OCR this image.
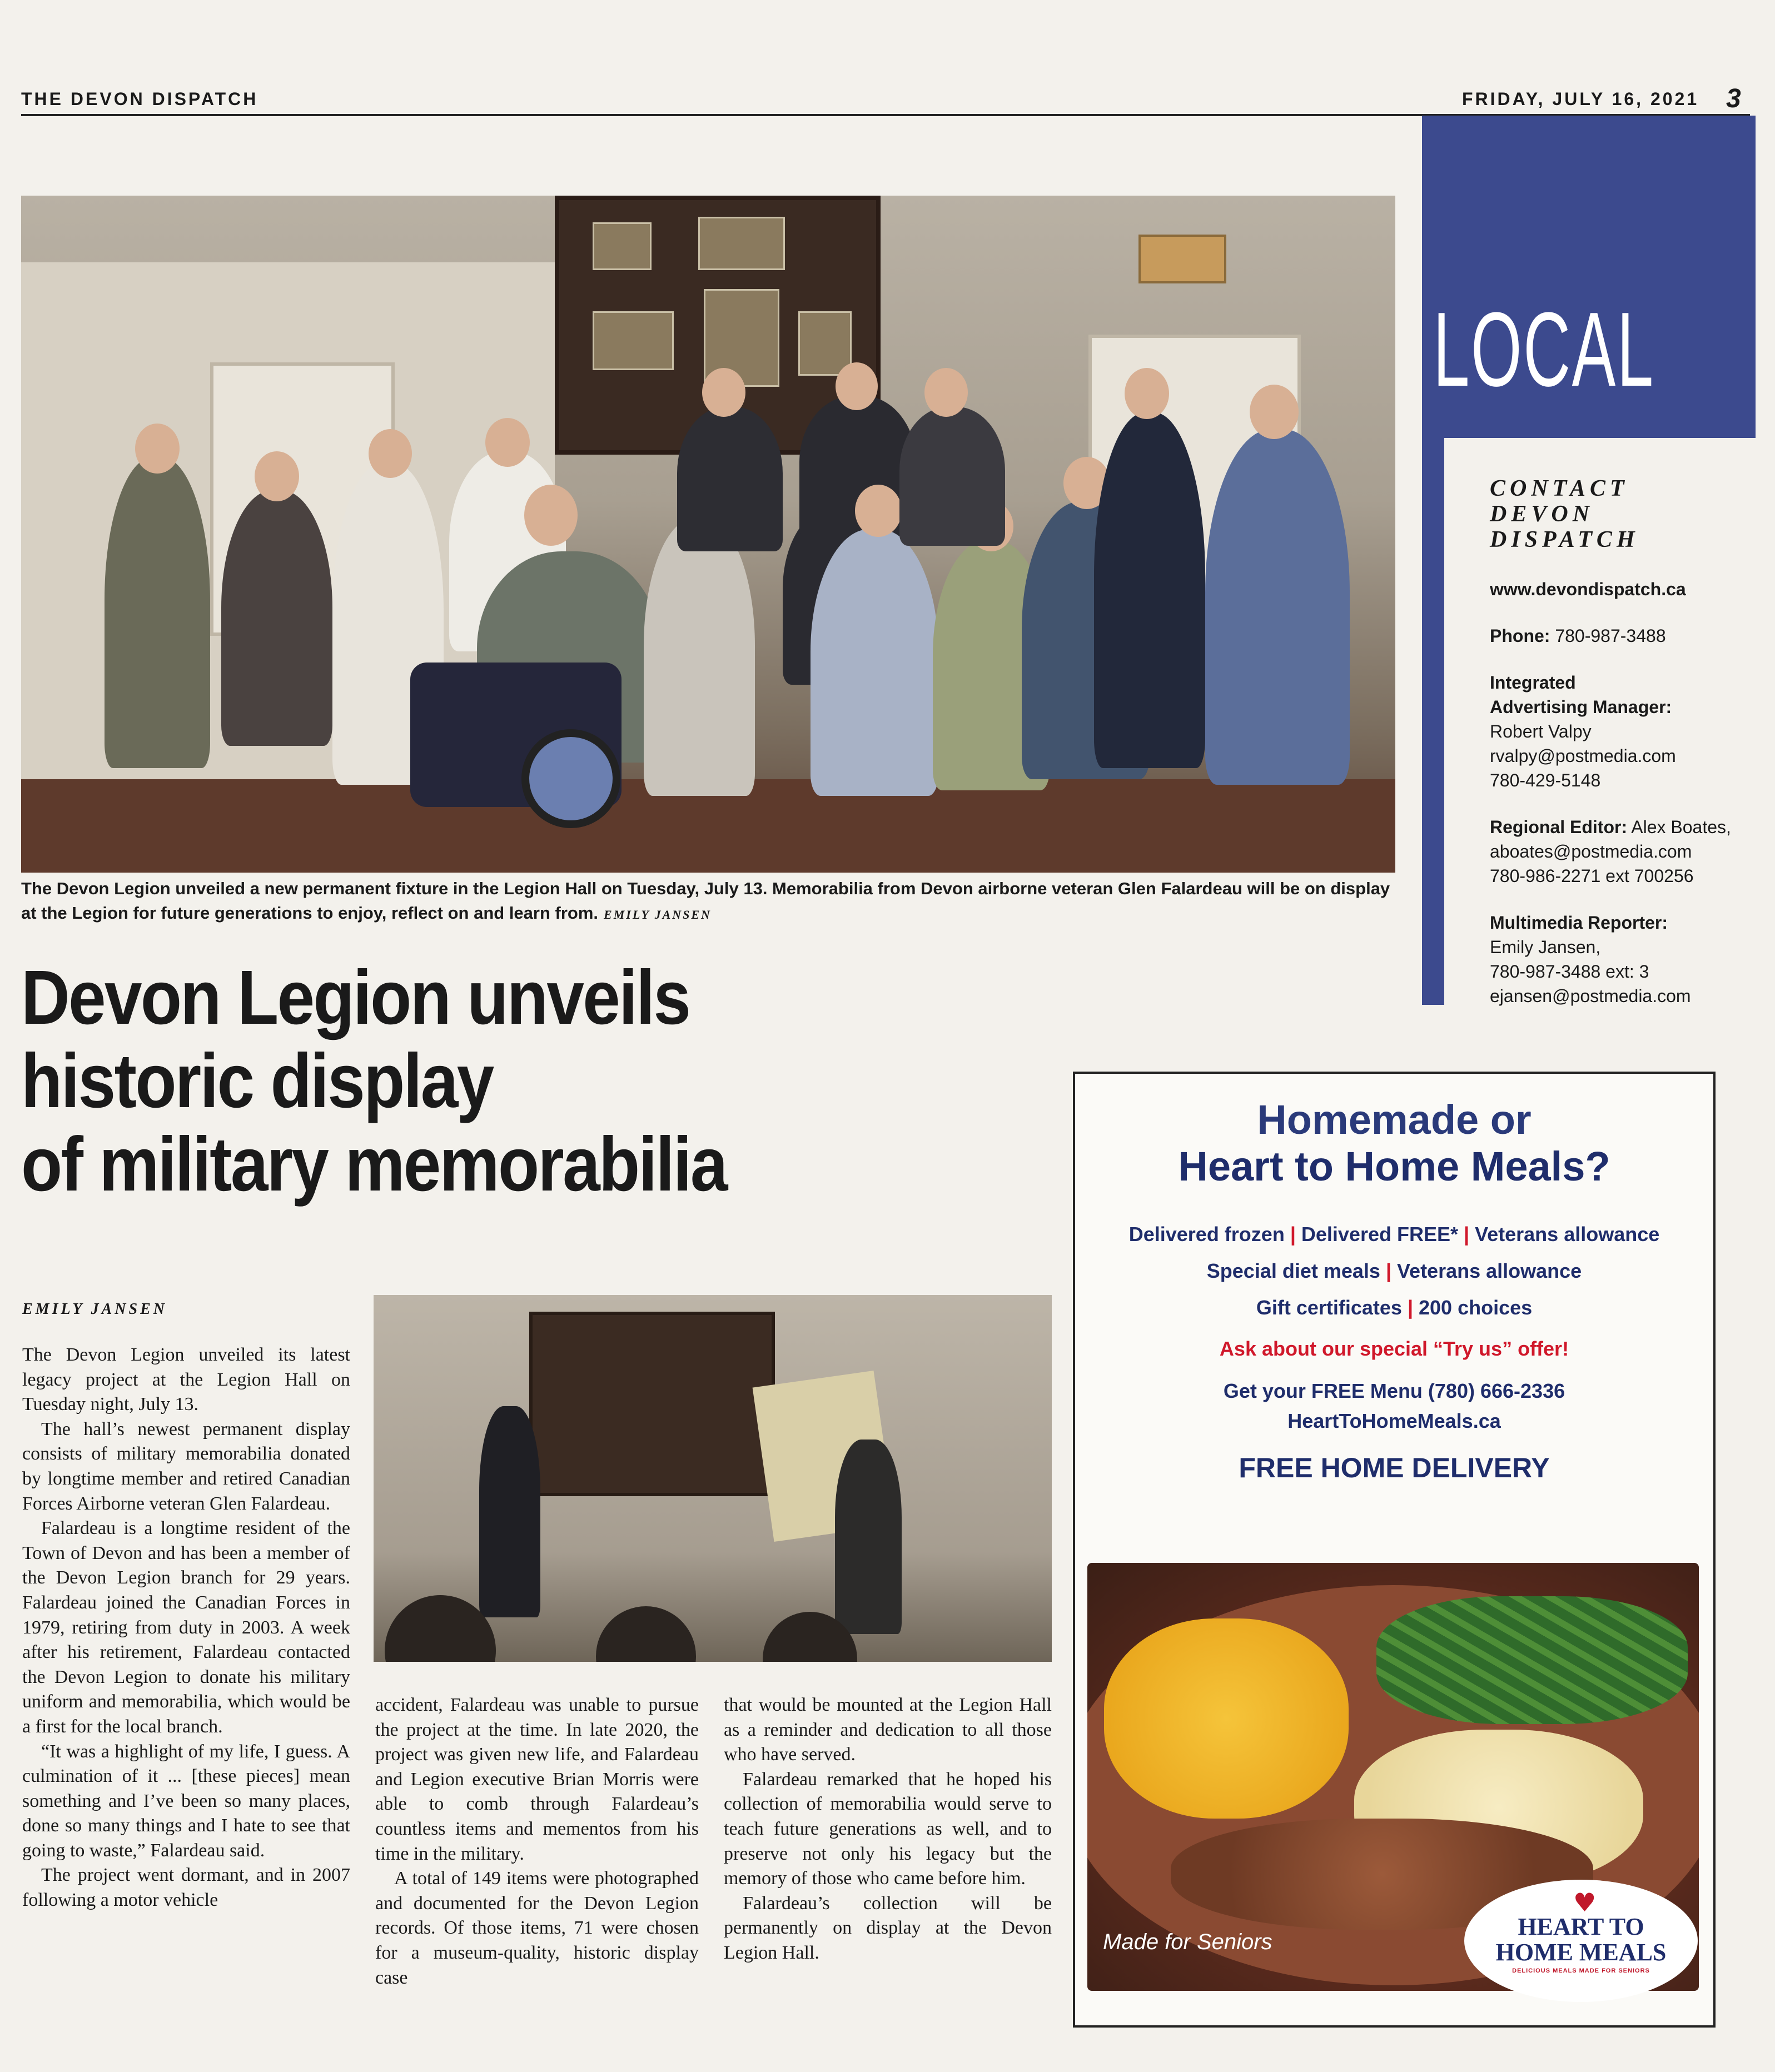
THE DEVON DISPATCH	FRIDAY, JULY 16, 2021 3
The Devon Legion unveiled a new permanent fixture in the Legion Hall on Tuesday, July 13. Memorabilia from Devon airborne veteran Glen Falardeau will be on display at the Legion for future generations to enjoy, reflect on and learn from. EMILY JANSEN
LOCAL
CONTACT
DEVON
DISPATCH
www.devondispatch.ca
Phone: 780-987-3488
Integrated
Advertising Manager:
Robert Valpy
rvalpy@postmedia.com
780-429-5148
Regional Editor: Alex Boates,
aboates@postmedia.com
780-986-2271 ext 700256
Multimedia Reporter:
Emily Jansen,
780-987-3488 ext: 3
ejansen@postmedia.com
Devon Legion unveils
historic display
of military memorabilia
EMILY JANSEN

The Devon Legion unveiled its latest legacy project at the Legion Hall on Tuesday night, July 13.

The hall’s newest permanent display consists of military memorabilia donated by longtime member and retired Canadian Forces Airborne veteran Glen Falardeau.

Falardeau is a longtime resident of the Town of Devon and has been a member of the Devon Legion branch for 29 years. Falardeau joined the Canadian Forces in 1979, retiring from duty in 2003. A week after his retirement, Falardeau contacted the Devon Legion to donate his military uniform and memorabilia, which would be a first for the local branch.

“It was a highlight of my life, I guess. A culmination of it ... [these pieces] mean something and I’ve been so many places, done so many things and I hate to see that going to waste,” Falardeau said.

The project went dormant, and in 2007 following a motor vehicle

accident, Falardeau was unable to pursue the project at the time. In late 2020, the project was given new life, and Falardeau and Legion executive Brian Morris were able to comb through Falardeau’s countless items and mementos from his time in the military.

A total of 149 items were photographed and documented for the Devon Legion records. Of those items, 71 were chosen for a museum-quality, historic display case

that would be mounted at the Legion Hall as a reminder and dedication to all those who have served.

Falardeau remarked that he hoped his collection of memorabilia would serve to teach future generations as well, and to preserve not only his legacy but the memory of those who came before him.

Falardeau’s collection will be permanently on display at the Devon Legion Hall.

Homemade or
Heart to Home Meals?
Delivered frozen | Delivered FREE* | Veterans allowance
Special diet meals | Veterans allowance
Gift certificates | 200 choices
Ask about our special “Try us” offer!
Get your FREE Menu (780) 666-2336
HeartToHomeMeals.ca
FREE HOME DELIVERY
Made for Seniors
♥
HEART TO
HOME MEALS
DELICIOUS MEALS MADE FOR SENIORS
